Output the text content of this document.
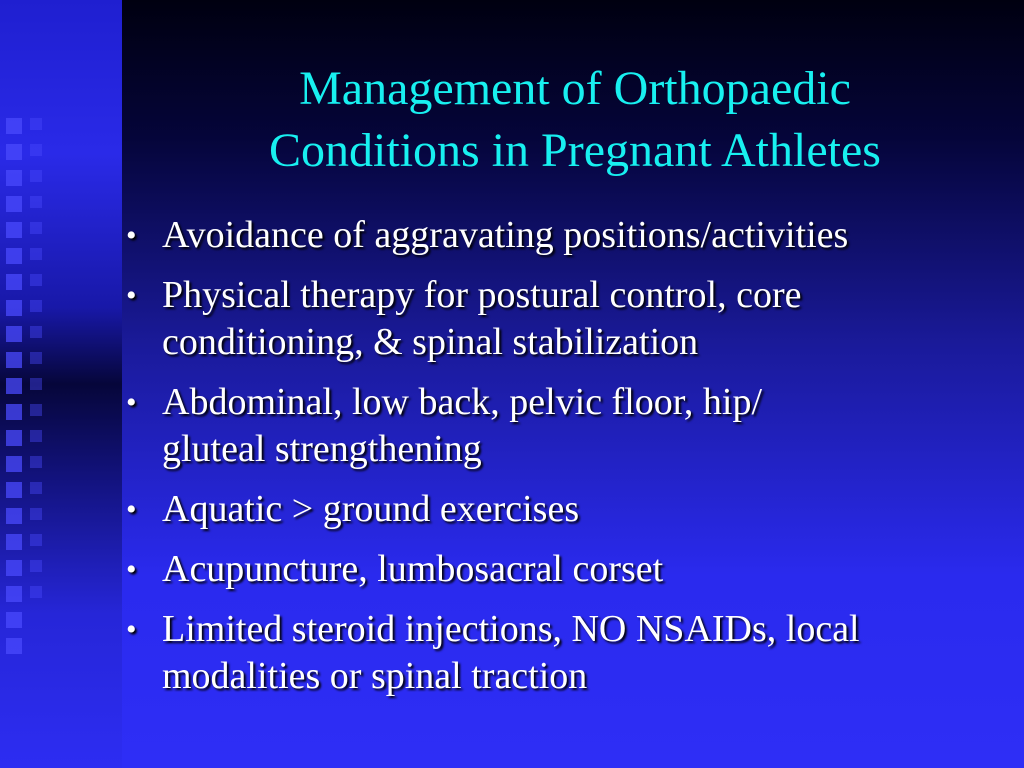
Management of Orthopaedic
Conditions in Pregnant Athletes
• Avoidance of aggravating positions/activities
• Physical therapy for postural control, core
conditioning, & spinal stabilization
• Abdominal, low back, pelvic floor, hip/
gluteal strengthening
• Aquatic > ground exercises
• Acupuncture, lumbosacral corset
• Limited steroid injections, NO NSAIDs, local
modalities or spinal traction
